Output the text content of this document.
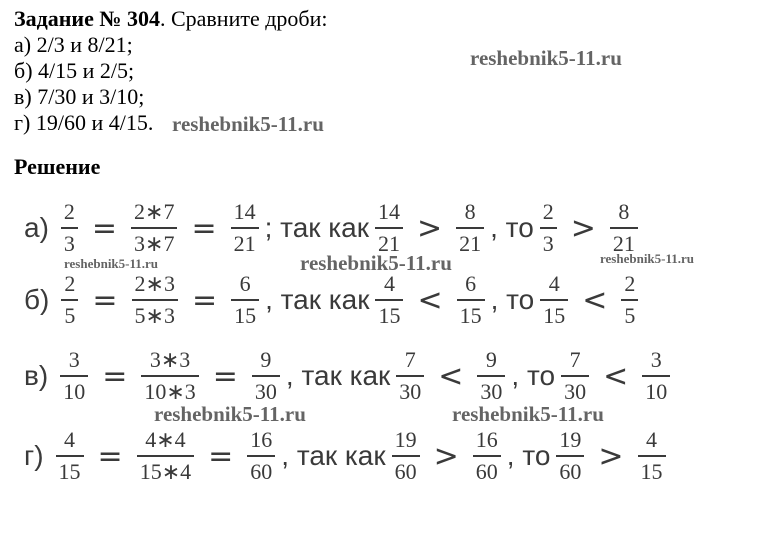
Задание № 304. Сравните дроби:
а) 2/3 и 8/21;
б) 4/15 и 2/5;
в) 7/30 и 3/10;
г) 19/60 и 4/15.
Решение
$а) \frac{2}{3} = \frac{2∗7}{3∗7} = \frac{14}{21}$ ; так как $\frac{14}{21} > \frac{8}{21}$ , то $\frac{2}{3} > \frac{8}{21}$
$б) \frac{2}{5} = \frac{2∗3}{5∗3} = \frac{6}{15}$ , так как $\frac{4}{15} < \frac{6}{15}$ , то $\frac{4}{15} < \frac{2}{5}$
$в) \frac{3}{10} = \frac{3∗3}{10∗3} = \frac{9}{30}$ , так как $\frac{7}{30} < \frac{9}{30}$ , то $\frac{7}{30} < \frac{3}{10}$
$г) \frac{4}{15} = \frac{4∗4}{15∗4} = \frac{16}{60}$ , так как $\frac{19}{60} > \frac{16}{60}$ , то $\frac{19}{60} > \frac{4}{15}$
reshebnik5-11.ru
reshebnik5-11.ru
reshebnik5-11.ru	reshebnik5-11.ru	reshebnik5-11.ru
reshebnik5-11.ru	reshebnik5-11.ru
